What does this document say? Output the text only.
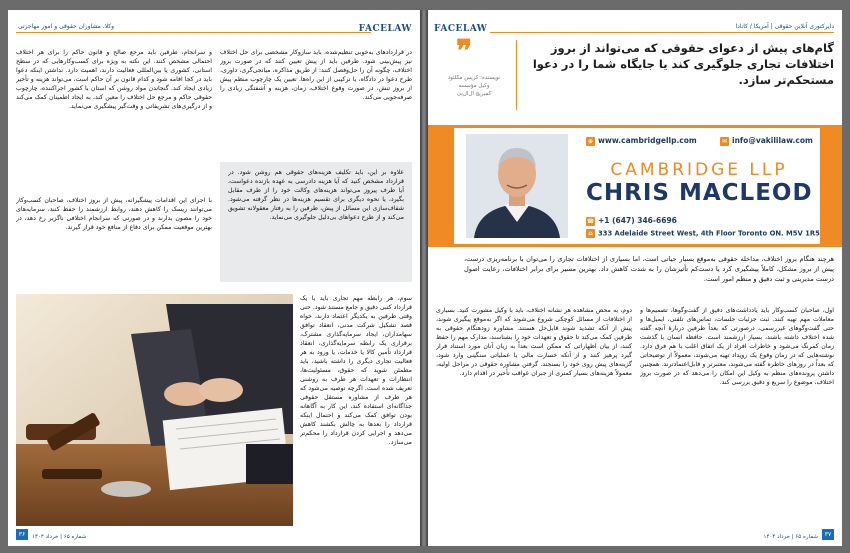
وکلا، مشاوران حقوقی و امور مهاجرتی	FACELAW
در قراردادهای به‌خوبی تنظیم‌شده، باید سازوکار مشخصی برای حل اختلاف نیز پیش‌بینی شود. طرفین باید از پیش تعیین کنند که در صورت بروز اختلاف، چگونه آن را حل‌وفصل کنند: از طریق مذاکره، میانجی‌گری، داوری، طرح دعوا در دادگاه، یا ترکیبی از این راه‌ها. تعیین یک چارچوب منظم پیش از بروز تنش، در صورت وقوع اختلاف، زمان، هزینه و آشفتگی زیادی را صرفه‌جویی می‌کند.
علاوه بر این، باید تکلیف هزینه‌های حقوقی هم روشن شود. در قرارداد مشخص کنید که آیا هزینه دادرسی به عهده بازنده دعواست، آیا طرف پیروز می‌تواند هزینه‌های وکالت خود را از طرف مقابل بگیرد، یا نحوه دیگری برای تقسیم هزینه‌ها در نظر گرفته می‌شود. شفاف‌سازی این مسائل از پیش، طرفین را به رفتار معقولانه تشویق می‌کند و از طرح دعواهای بی‌دلیل جلوگیری می‌نماید.
و سرانجام، طرفین باید مرجع صالح و قانون حاکم را برای هر اختلاف احتمالی مشخص کنند. این نکته به ویژه برای کسب‌وکارهایی که در سطح استانی، کشوری یا بین‌المللی فعالیت دارند، اهمیت دارد. نداشتن اینکه دعوا باید در کجا اقامه شود و کدام قانون بر آن حاکم است، می‌تواند هزینه و تأخیر زیادی ایجاد کند. گنجاندن مواد روشن که استان یا کشور اجراکننده، چارچوب حقوقی حاکم و مرجع حل اختلاف را معین کند، به ایجاد اطمینان کمک می‌کند و از درگیری‌های تشریفاتی و وقت‌گیر پیشگیری می‌نماید.
با اجرای این اقدامات پیشگیرانه، پیش از بروز اختلاف، صاحبان کسب‌وکار می‌توانند ریسک را کاهش دهند، روابط ارزشمند را حفظ کنند، سرمایه‌های خود را مصون بدارند و در صورتی که سرانجام اختلافی ناگزیر رخ دهد، در بهترین موقعیت ممکن برای دفاع از منافع خود قرار گیرند.
سوم، هر رابطه مهم تجاری باید با یک قرارداد کتبی دقیق و جامع مستند شود. حتی وقتی طرفین به یکدیگر اعتماد دارند، خواه قصد تشکیل شرکت مدنی، انعقاد توافق سهامداران، ایجاد سرمایه‌گذاری مشترک، برقراری یک رابطه سرمایه‌گذاری، انعقاد قرارداد تأمین کالا یا خدمات، یا ورود به هر فعالیت تجاری دیگری را داشته باشید، باید مطمئن شوید که حقوق، مسئولیت‌ها، انتظارات و تعهدات هر طرف به روشنی تعریف شده است. اگرچه توصیه می‌شود که هر طرف از مشاوره مستقل حقوقی جداگانه‌ای استفاده کند، این کار به آگاهانه بودن توافق کمک می‌کند و احتمال اینکه قرارداد را بعدها به چالش بکشند کاهش می‌دهد و اجرایی کردن قرارداد را محکم‌تر می‌سازد.
۳۶	شماره ۶۵ | خرداد ۱۴۰۴
FACELAW	دایرکتوری آنلاین حقوقی | آمریکا / کانادا
❞
نویسنده: کریس مکلئود
وکیل مؤسسه
کمبریج ال‌ال‌پی
گام‌های پیش از دعوای حقوقی که می‌تواند از بروز اختلافات تجاری جلوگیری کند یا جایگاه شما را در دعوا مستحکم‌تر سازد.
⊕ www.cambridgellp.com	✉ info@vakililaw.com
CAMBRIDGE LLP
CHRIS MACLEOD
☎ +1 (647) 346-6696
⌂ 333 Adelaide Street West, 4th Floor Toronto ON. M5V 1R5
هرچند هنگام بروز اختلاف، مداخله حقوقی به‌موقع بسیار حیاتی است، اما بسیاری از اختلافات تجاری را می‌توان با برنامه‌ریزی درست، پیش از بروز مشکل، کاملاً پیشگیری کرد یا دست‌کم تأثیرشان را به شدت کاهش داد. بهترین مسیر برای برابر اختلافات، رعایت اصول درست مدیریتی و ثبت دقیق و منظم امور است.
دوم، به محض مشاهده هر نشانه اختلاف، باید با وکیل مشورت کنید. بسیاری از اختلافات از مسائل کوچکی شروع می‌شوند که اگر به‌موقع پیگیری شوند، پیش از آنکه تشدید شوند قابل‌حل هستند. مشاوره زودهنگام حقوقی به طرفین کمک می‌کند تا حقوق و تعهدات خود را بشناسند، مدارک مهم را حفظ کنند، از بیان اظهاراتی که ممکن است بعداً به زیان آنان مورد استناد قرار گیرد پرهیز کنند و از آنکه خسارت مالی یا عملیاتی سنگینی وارد شود، گزینه‌های پیش روی خود را بسنجند. گرفتن مشاوره حقوقی در مراحل اولیه، معمولاً هزینه‌های بسیار کمتری از جبران عواقب تأخیر در اقدام دارد.
اول، صاحبان کسب‌وکار باید یادداشت‌های دقیق از گفت‌وگوها، تصمیم‌ها و معاملات مهم تهیه کنند. ثبت جزئیات جلسات، تماس‌های تلفنی، ایمیل‌ها و حتی گفت‌وگوهای غیررسمی، درصورتی که بعداً طرفین دربارهٔ آنچه گفته شده اختلاف داشته باشند، بسیار ارزشمند است. حافظه انسان با گذشت زمان کمرنگ می‌شود و خاطرات افراد از یک اتفاق اغلب با هم فرق دارد. نوشته‌هایی که در زمان وقوع یک رویداد تهیه می‌شوند، معمولاً از توضیحاتی که بعداً در روزهای خاطره گفته می‌شوند، معتبرتر و قابل‌اعتمادترند. همچنین داشتن پرونده‌های منظم به وکیل این امکان را می‌دهد که در صورت بروز اختلاف، موضوع را سریع و دقیق بررسی کند.
۳۷
شماره ۶۵ | خرداد ۱۴۰۴
